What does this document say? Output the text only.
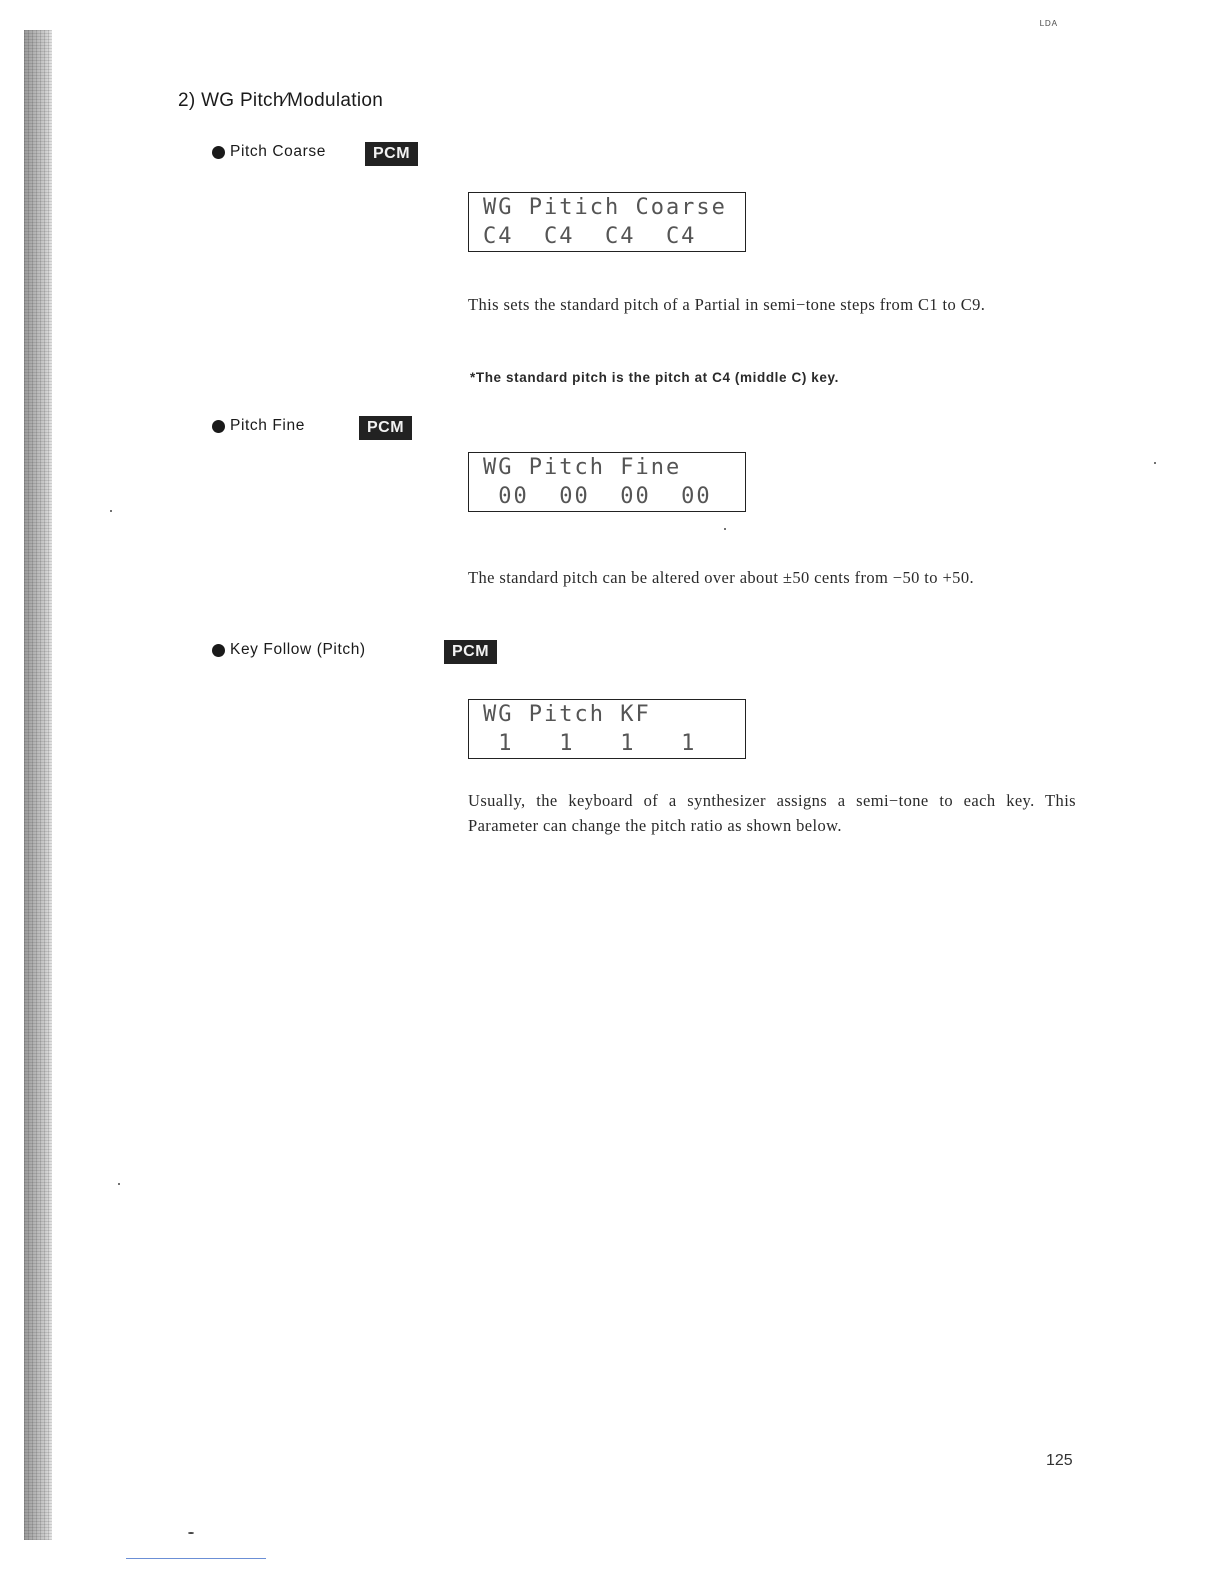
ᴸᴰᴬ
2) WG Pitch⁄Modulation
Pitch Coarse	PCM
WG Pitich Coarse
C4  C4  C4  C4
This sets the standard pitch of a Partial in semi−tone steps from C1 to C9.
*The standard pitch is the pitch at C4 (middle C) key.
Pitch Fine	PCM
WG Pitch Fine
00  00  00  00
The standard pitch can be altered over about ±50 cents from −50 to +50.
Key Follow (Pitch)	PCM
WG Pitch KF
1   1   1   1
Usually, the keyboard of a synthesizer assigns a semi−tone to each key. This Parameter can change the pitch ratio as shown below.
125
